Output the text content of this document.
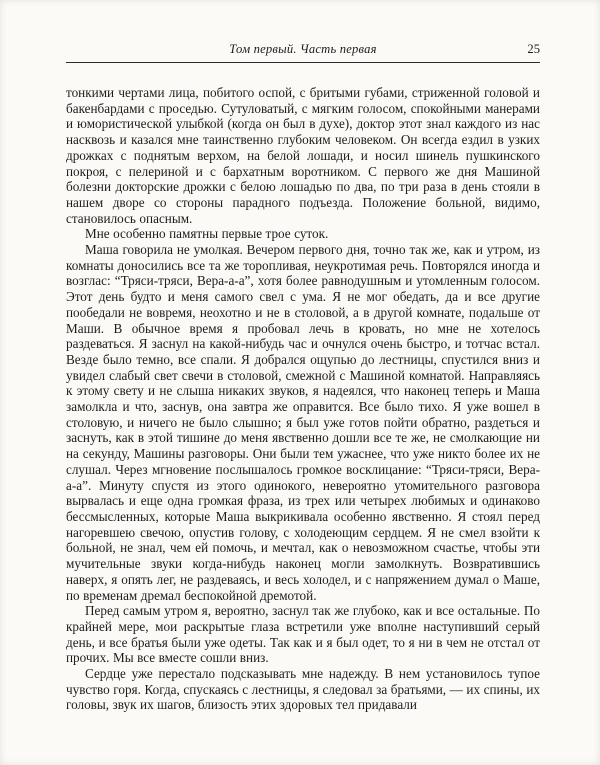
Том первый. Часть первая	25

тонкими чертами лица, побитого оспой, с бритыми губами, стриженной головой и бакенбардами с проседью. Сутуловатый, с мягким голосом, спокойными манерами и юмористической улыбкой (когда он был в духе), доктор этот знал каждого из нас насквозь и казался мне таинственно глубоким человеком. Он всегда ездил в узких дрожках с поднятым верхом, на белой лошади, и носил шинель пушкинского покроя, с пелериной и с бархатным воротником. С первого же дня Машиной болезни докторские дрожки с белою лошадью по два, по три раза в день стояли в нашем дворе со стороны парадного подъезда. Положение больной, видимо, становилось опасным.

Мне особенно памятны первые трое суток.

Маша говорила не умолкая. Вечером первого дня, точно так же, как и утром, из комнаты доносились все та же торопливая, неукротимая речь. Повторялся иногда и возглас: “Тряси-тряси, Вера-а-а”, хотя более равнодушным и утомленным голосом. Этот день будто и меня самого свел с ума. Я не мог обедать, да и все другие пообедали не вовремя, неохотно и не в столовой, а в другой комнате, подальше от Маши. В обычное время я пробовал лечь в кровать, но мне не хотелось раздеваться. Я заснул на какой-нибудь час и очнулся очень быстро, и тотчас встал. Везде было темно, все спали. Я добрался ощупью до лестницы, спустился вниз и увидел слабый свет свечи в столовой, смежной с Машиной комнатой. Направляясь к этому свету и не слыша никаких звуков, я надеялся, что наконец теперь и Маша замолкла и что, заснув, она завтра же оправится. Все было тихо. Я уже вошел в столовую, и ничего не было слышно; я был уже готов пойти обратно, раздеться и заснуть, как в этой тишине до меня явственно дошли все те же, не смолкающие ни на секунду, Машины разговоры. Они были тем ужаснее, что уже никто более их не слушал. Через мгновение послышалось громкое восклицание: “Тряси-тряси, Вера-а-а”. Минуту спустя из этого одинокого, невероятно утомительного разговора вырвалась и еще одна громкая фраза, из трех или четырех любимых и одинаково бессмысленных, которые Маша выкрикивала особенно явственно. Я стоял перед нагоревшею свечою, опустив голову, с холодеющим сердцем. Я не смел взойти к больной, не знал, чем ей помочь, и мечтал, как о невозможном счастье, чтобы эти мучительные звуки когда-нибудь наконец могли замолкнуть. Возвратившись наверх, я опять лег, не раздеваясь, и весь холодел, и с напряжением думал о Маше, по временам дремал беспокойной дремотой.

Перед самым утром я, вероятно, заснул так же глубоко, как и все остальные. По крайней мере, мои раскрытые глаза встретили уже вполне наступивший серый день, и все братья были уже одеты. Так как и я был одет, то я ни в чем не отстал от прочих. Мы все вместе сошли вниз.

Сердце уже перестало подсказывать мне надежду. В нем установилось тупое чувство горя. Когда, спускаясь с лестницы, я следовал за братьями, — их спины, их головы, звук их шагов, близость этих здоровых тел придавали
